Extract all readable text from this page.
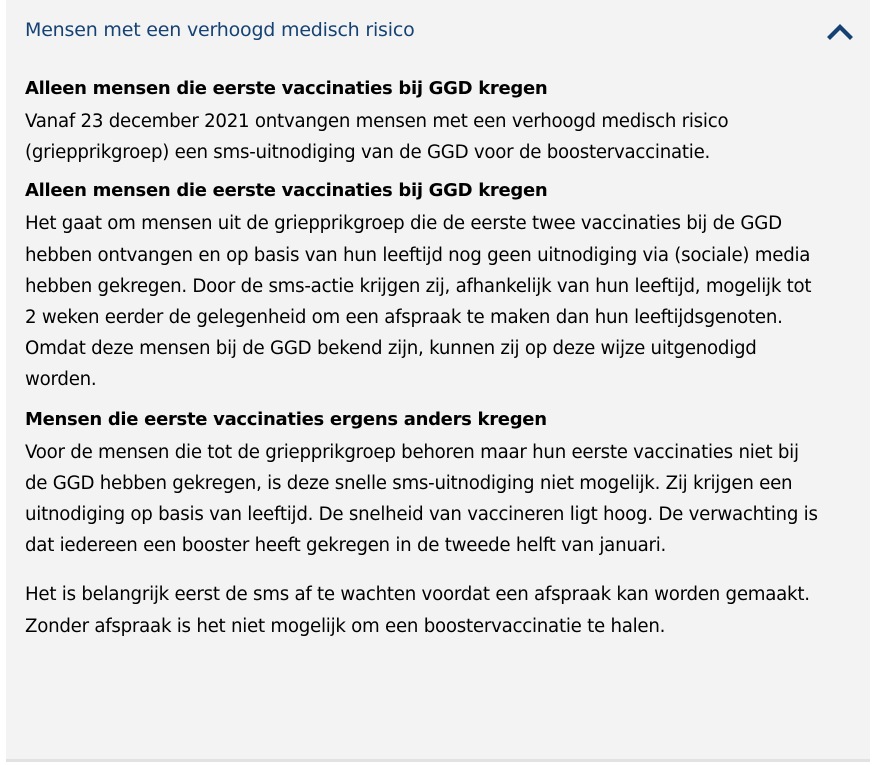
Mensen met een verhoogd medisch risico
Alleen mensen die eerste vaccinaties bij GGD kregen

Vanaf 23 december 2021 ontvangen mensen met een verhoogd medisch risico (griepprikgroep) een sms-uitnodiging van de GGD voor de boostervaccinatie.

Alleen mensen die eerste vaccinaties bij GGD kregen

Het gaat om mensen uit de griepprikgroep die de eerste twee vaccinaties bij de GGD hebben ontvangen en op basis van hun leeftijd nog geen uitnodiging via (sociale) media hebben gekregen. Door de sms-actie krijgen zij, afhankelijk van hun leeftijd, mogelijk tot 2 weken eerder de gelegenheid om een afspraak te maken dan hun leeftijdsgenoten. Omdat deze mensen bij de GGD bekend zijn, kunnen zij op deze wijze uitgenodigd worden.

Mensen die eerste vaccinaties ergens anders kregen

Voor de mensen die tot de griepprikgroep behoren maar hun eerste vaccinaties niet bij de GGD hebben gekregen, is deze snelle sms-uitnodiging niet mogelijk. Zij krijgen een uitnodiging op basis van leeftijd. De snelheid van vaccineren ligt hoog. De verwachting is dat iedereen een booster heeft gekregen in de tweede helft van januari.

Het is belangrijk eerst de sms af te wachten voordat een afspraak kan worden gemaakt. Zonder afspraak is het niet mogelijk om een boostervaccinatie te halen.
